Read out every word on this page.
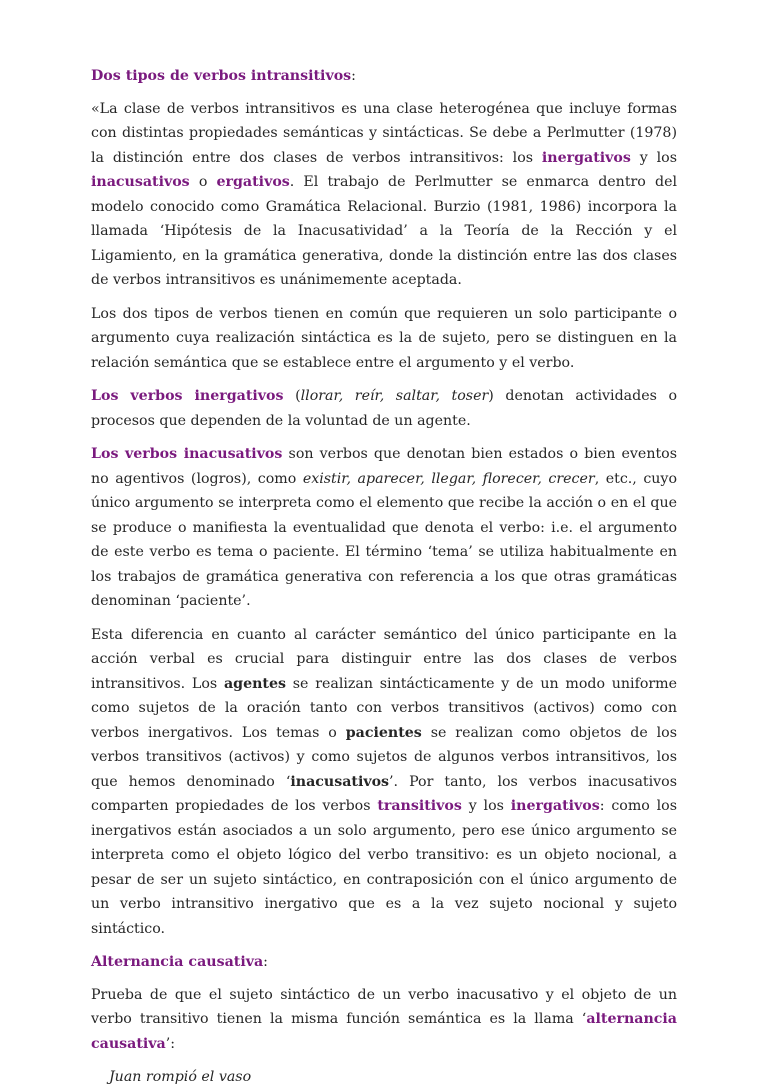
Dos tipos de verbos intransitivos:

«La clase de verbos intransitivos es una clase heterogénea que incluye formas con distintas propiedades semánticas y sintácticas. Se debe a Perlmutter (1978) la distinción entre dos clases de verbos intransitivos: los inergativos y los inacusativos o ergativos. El trabajo de Perlmutter se enmarca dentro del modelo conocido como Gramática Relacional. Burzio (1981, 1986) incorpora la llamada ‘Hipótesis de la Inacusatividad’ a la Teoría de la Rección y el Ligamiento, en la gramática generativa, donde la distinción entre las dos clases de verbos intransitivos es unánimemente aceptada.

Los dos tipos de verbos tienen en común que requieren un solo participante o argumento cuya realización sintáctica es la de sujeto, pero se distinguen en la relación semántica que se establece entre el argumento y el verbo.

Los verbos inergativos (llorar, reír, saltar, toser) denotan actividades o procesos que dependen de la voluntad de un agente.

Los verbos inacusativos son verbos que denotan bien estados o bien eventos no agentivos (logros), como existir, aparecer, llegar, florecer, crecer, etc., cuyo único argumento se interpreta como el elemento que recibe la acción o en el que se produce o manifiesta la eventualidad que denota el verbo: i.e. el argumento de este verbo es tema o paciente. El término ‘tema’ se utiliza habitualmente en los trabajos de gramática generativa con referencia a los que otras gramáticas denominan ‘paciente’.

Esta diferencia en cuanto al carácter semántico del único participante en la acción verbal es crucial para distinguir entre las dos clases de verbos intransitivos. Los agentes se realizan sintácticamente y de un modo uniforme como sujetos de la oración tanto con verbos transitivos (activos) como con verbos inergativos. Los temas o pacientes se realizan como objetos de los verbos transitivos (activos) y como sujetos de algunos verbos intransitivos, los que hemos denominado ‘inacusativos’. Por tanto, los verbos inacusativos comparten propiedades de los verbos transitivos y los inergativos: como los inergativos están asociados a un solo argumento, pero ese único argumento se interpreta como el objeto lógico del verbo transitivo: es un objeto nocional, a pesar de ser un sujeto sintáctico, en contraposición con el único argumento de un verbo intransitivo inergativo que es a la vez sujeto nocional y sujeto sintáctico.

Alternancia causativa:

Prueba de que el sujeto sintáctico de un verbo inacusativo y el objeto de un verbo transitivo tienen la misma función semántica es la llama ‘alternancia causativa’:

Juan rompió el vaso
